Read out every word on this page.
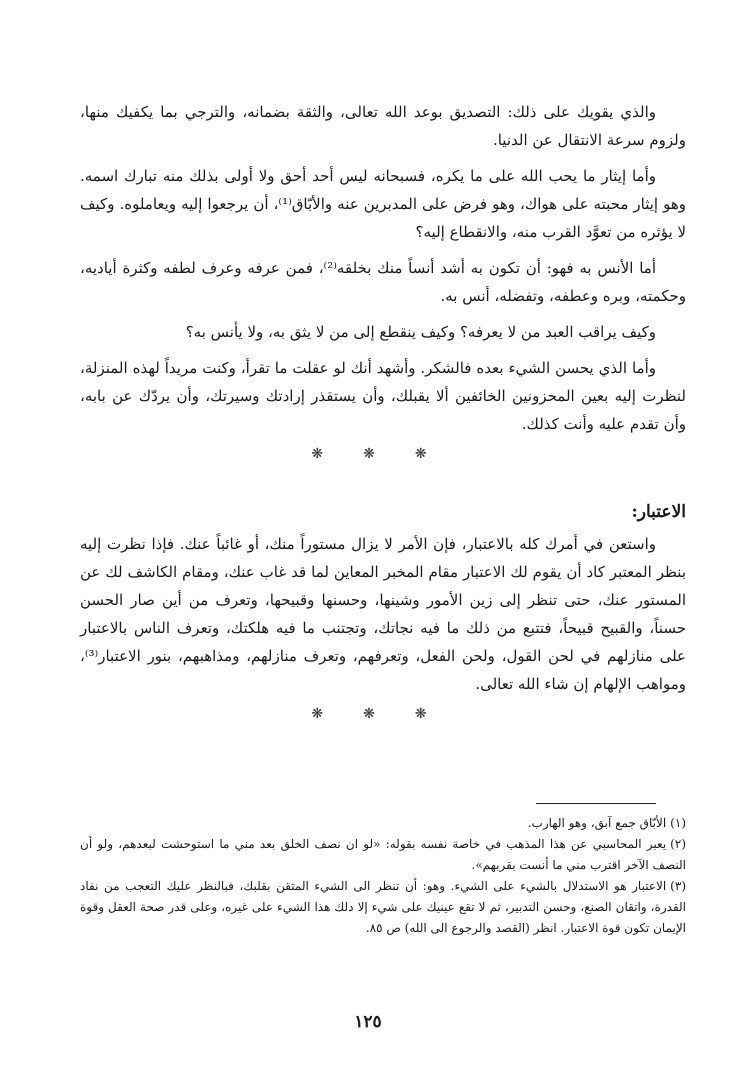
والذي يقويك على ذلك: التصديق بوعد الله تعالى، والثقة بضمانه، والترجي بما يكفيك منها، ولزوم سرعة الانتقال عن الدنيا.

وأما إيثار ما يحب الله على ما يكره، فسبحانه ليس أحد أحق ولا أولى بذلك منه تبارك اسمه. وهو إيثار محبته على هواك، وهو فرض على المدبرين عنه والأبّاق⁽¹⁾، أن يرجعوا إليه ويعاملوه. وكيف لا يؤثره من تعوَّد القرب منه، والانقطاع إليه؟

أما الأنس به فهو: أن تكون به أشد أنساً منك بخلقه⁽²⁾، فمن عرفه وعرف لطفه وكثرة أياديه، وحكمته، وبره وعطفه، وتفضله، أنس به.

وكيف يراقب العبد من لا يعرفه؟ وكيف ينقطع إلى من لا يثق به، ولا يأنس به؟

وأما الذي يحسن الشيء بعده فالشكر. وأشهد أنك لو عقلت ما تقرأ، وكنت مريداً لهذه المنزلة، لنظرت إليه بعين المحزونين الخائفين ألا يقبلك، وأن يستقذر إرادتك وسيرتك، وأن يردّك عن بابه، وأن تقدم عليه وأنت كذلك.

❋❋❋
الاعتبار:

واستعن في أمرك كله بالاعتبار، فإن الأمر لا يزال مستوراً منك، أو غائباً عنك. فإذا نظرت إليه بنظر المعتبر كاد أن يقوم لك الاعتبار مقام المخبر المعاين لما قد غاب عنك، ومقام الكاشف لك عن المستور عنك، حتى تنظر إلى زين الأمور وشينها، وحسنها وقبيحها، وتعرف من أين صار الحسن حسناً، والقبيح قبيحاً، فتتبع من ذلك ما فيه نجاتك، وتجتنب ما فيه هلكتك، وتعرف الناس بالاعتبار على منازلهم في لحن القول، ولحن الفعل، وتعرفهم، وتعرف منازلهم، ومذاهبهم، بنور الاعتبار⁽³⁾، ومواهب الإلهام إن شاء الله تعالى.

❋❋❋

(١)الأبّاق جمع آبق، وهو الهارب.

(٢)يعبر المحاسبي عن هذا المذهب في خاصة نفسه بقوله: «لو ان نصف الخلق بعد مني ما استوحشت لبعدهم، ولو أن النصف الآخر اقترب مني ما أنست بقربهم».

(٣)الاعتبار هو الاستدلال بالشيء على الشيء. وهو: أن تنظر الى الشيء المتقن بقلبك، فبالنظر عليك التعجب من نفاد القدرة، واتقان الصنع، وحسن التدبير، ثم لا تقع عينيك على شيء إلا دلك هذا الشيء على غيره، وعلى قدر صحة العقل وقوة الإيمان تكون قوة الاعتبار. انظر (القصد والرجوع الى الله) ص ٨٥.

١٢٥
